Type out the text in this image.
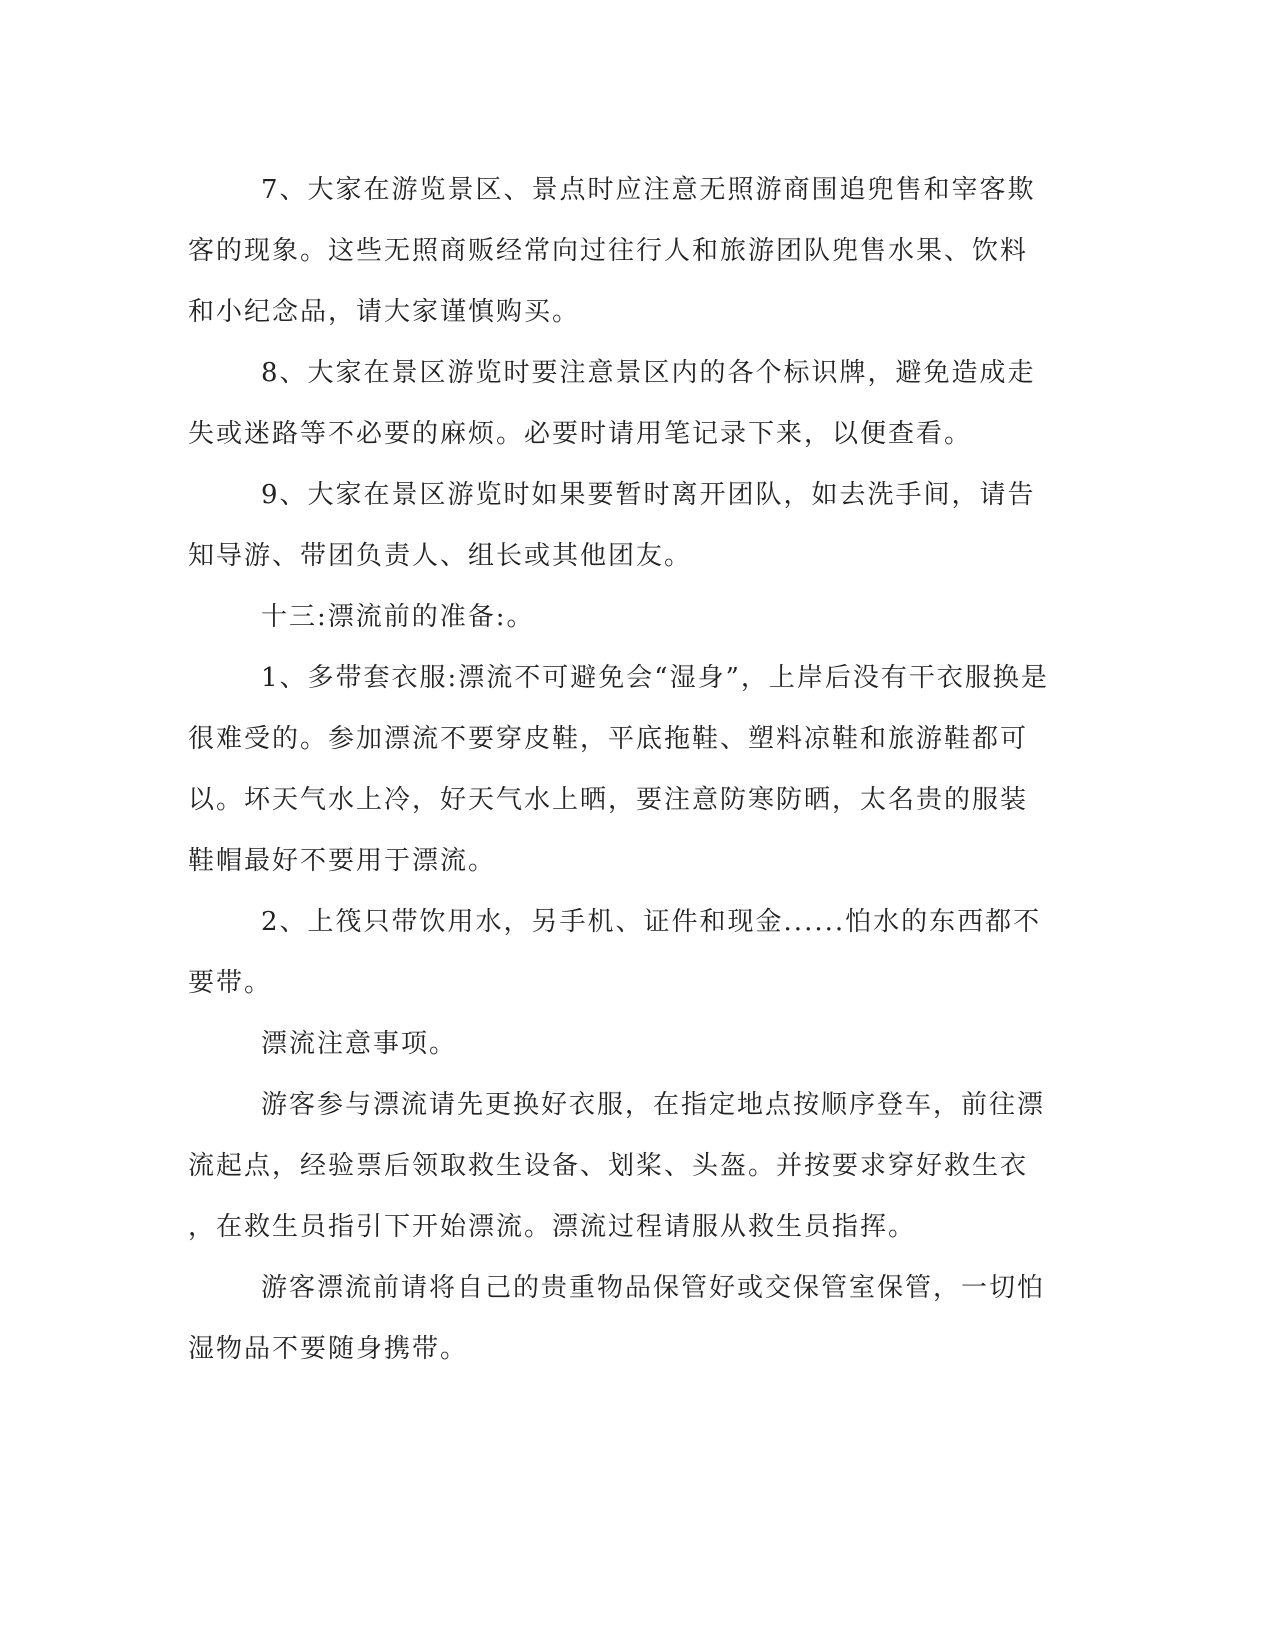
7、大家在游览景区、景点时应注意无照游商围追兜售和宰客欺
客的现象。这些无照商贩经常向过往行人和旅游团队兜售水果、饮料
和小纪念品，请大家谨慎购买。

8、大家在景区游览时要注意景区内的各个标识牌，避免造成走
失或迷路等不必要的麻烦。必要时请用笔记录下来，以便查看。

9、大家在景区游览时如果要暂时离开团队，如去洗手间，请告
知导游、带团负责人、组长或其他团友。

十三:漂流前的准备:。

1、多带套衣服:漂流不可避免会“湿身”，上岸后没有干衣服换是
很难受的。参加漂流不要穿皮鞋，平底拖鞋、塑料凉鞋和旅游鞋都可
以。坏天气水上冷，好天气水上晒，要注意防寒防晒，太名贵的服装
鞋帽最好不要用于漂流。

2、上筏只带饮用水，另手机、证件和现金......怕水的东西都不
要带。

漂流注意事项。

游客参与漂流请先更换好衣服，在指定地点按顺序登车，前往漂
流起点，经验票后领取救生设备、划桨、头盔。并按要求穿好救生衣
，在救生员指引下开始漂流。漂流过程请服从救生员指挥。

游客漂流前请将自己的贵重物品保管好或交保管室保管，一切怕
湿物品不要随身携带。
